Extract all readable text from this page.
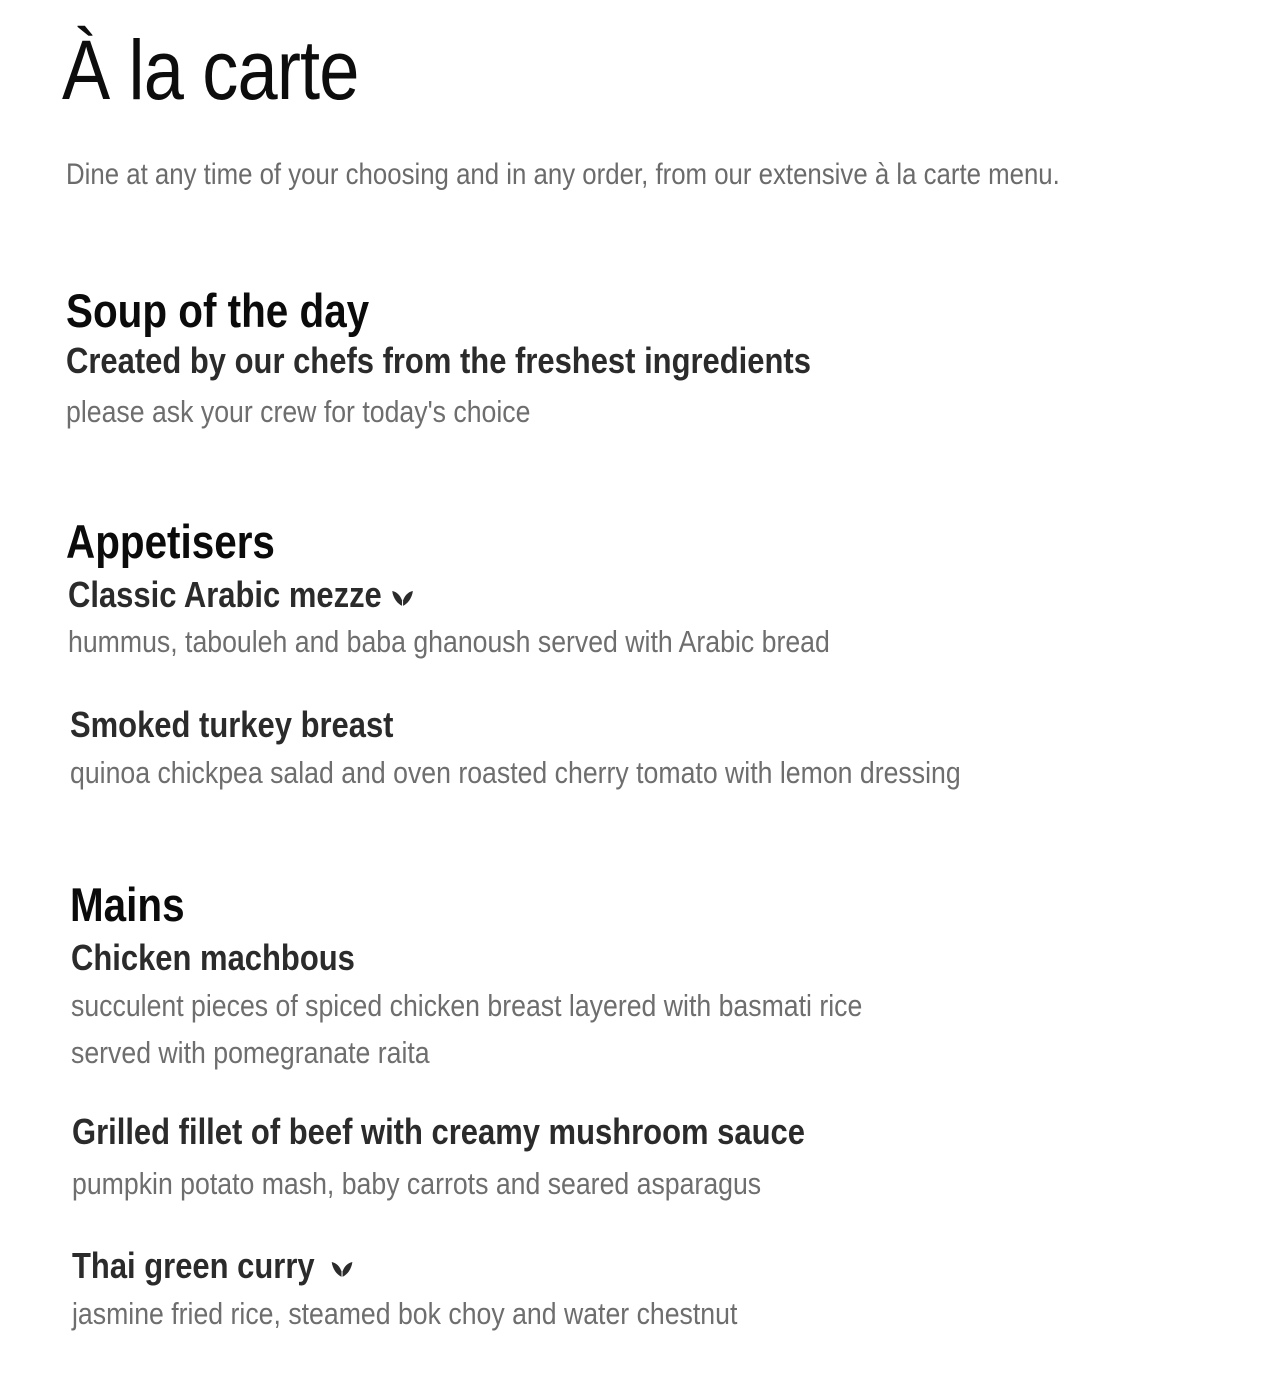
À la carte

Dine at any time of your choosing and in any order, from our extensive à la carte menu.

Soup of the day

Created by our chefs from the freshest ingredients

please ask your crew for today's choice

Appetisers

Classic Arabic mezze

hummus, tabouleh and baba ghanoush served with Arabic bread

Smoked turkey breast

quinoa chickpea salad and oven roasted cherry tomato with lemon dressing

Mains

Chicken machbous

succulent pieces of spiced chicken breast layered with basmati rice

served with pomegranate raita

Grilled fillet of beef with creamy mushroom sauce

pumpkin potato mash, baby carrots and seared asparagus

Thai green curry

jasmine fried rice, steamed bok choy and water chestnut
